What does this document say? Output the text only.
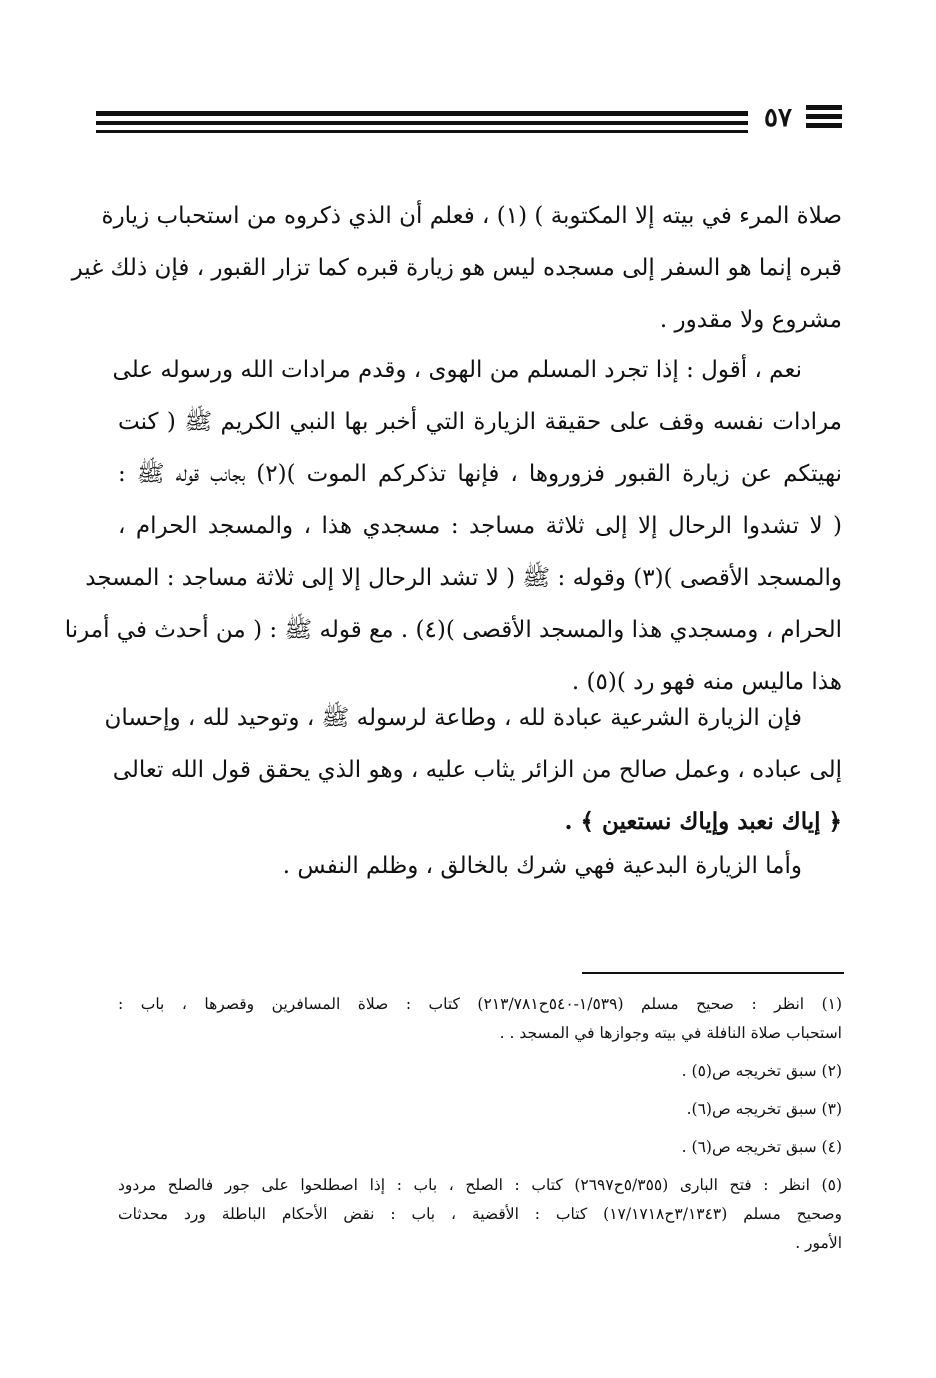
٥٧
صلاة المرء في بيته إلا المكتوبة ) (١) ، فعلم أن الذي ذكروه من استحباب زيارة
قبره إنما هو السفر إلى مسجده ليس هو زيارة قبره كما تزار القبور ، فإن ذلك غير
مشروع ولا مقدور .
نعم ، أقول : إذا تجرد المسلم من الهوى ، وقدم مرادات الله ورسوله على
مرادات نفسه وقف على حقيقة الزيارة التي أخبر بها النبي الكريم ﷺ ( كنت
نهيتكم عن زيارة القبور فزوروها ، فإنها تذكركم الموت )(٢) بجانب قوله ﷺ :
( لا تشدوا الرحال إلا إلى ثلاثة مساجد : مسجدي هذا ، والمسجد الحرام ،
والمسجد الأقصى )(٣) وقوله : ﷺ ( لا تشد الرحال إلا إلى ثلاثة مساجد : المسجد
الحرام ، ومسجدي هذا والمسجد الأقصى )(٤) . مع قوله ﷺ : ( من أحدث في أمرنا
هذا ماليس منه فهو رد )(٥) .
فإن الزيارة الشرعية عبادة لله ، وطاعة لرسوله ﷺ ، وتوحيد لله ، وإحسان
إلى عباده ، وعمل صالح من الزائر يثاب عليه ، وهو الذي يحقق قول الله تعالى
﴿ إياك نعبد وإياك نستعين ﴾ .
وأما الزيارة البدعية فهي شرك بالخالق ، وظلم النفس .
(١) انظر : صحيح مسلم (١/٥٣٩-٥٤٠ح٢١٣/٧٨١) كتاب : صلاة المسافرين وقصرها ، باب :
استحباب صلاة النافلة في بيته وجوازها في المسجد . .
(٢) سبق تخريجه ص(٥) .
(٣) سبق تخريجه ص(٦).
(٤) سبق تخريجه ص(٦) .
(٥) انظر : فتح البارى (٥/٣٥٥ح٢٦٩٧) كتاب : الصلح ، باب : إذا اصطلحوا على جور فالصلح مردود
وصحيح مسلم (٣/١٣٤٣ح١٧/١٧١٨) كتاب : الأقضية ، باب : نقض الأحكام الباطلة ورد محدثات
الأمور .
